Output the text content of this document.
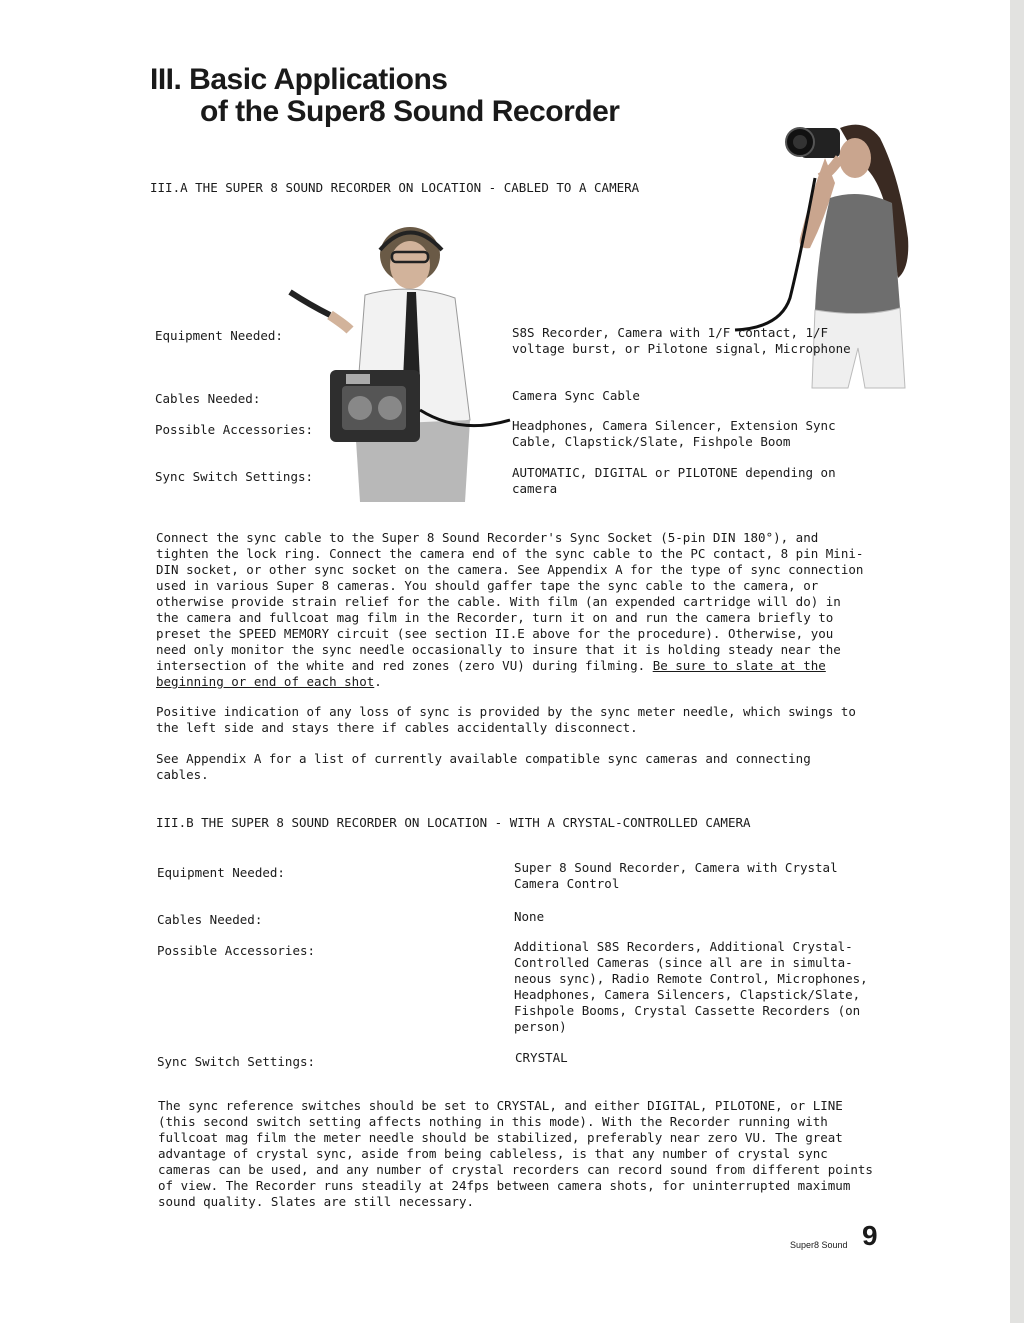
III. Basic Applications
of the Super8 Sound Recorder
III.A THE SUPER 8 SOUND RECORDER ON LOCATION - CABLED TO A CAMERA
Equipment Needed:	S8S Recorder, Camera with 1/F contact, 1/F voltage burst, or Pilotone signal, Microphone
Cables Needed:	Camera Sync Cable
Possible Accessories:	Headphones, Camera Silencer, Extension Sync Cable, Clapstick/Slate, Fishpole Boom
Sync Switch Settings:	AUTOMATIC, DIGITAL or PILOTONE depending on camera
Connect the sync cable to the Super 8 Sound Recorder's Sync Socket (5-pin DIN 180°), and tighten the lock ring. Connect the camera end of the sync cable to the PC contact, 8 pin Mini-DIN socket, or other sync socket on the camera. See Appendix A for the type of sync connection used in various Super 8 cameras. You should gaffer tape the sync cable to the camera, or otherwise provide strain relief for the cable. With film (an expended cartridge will do) in the camera and fullcoat mag film in the Recorder, turn it on and run the camera briefly to preset the SPEED MEMORY circuit (see section II.E above for the procedure). Otherwise, you need only monitor the sync needle occasionally to insure that it is holding steady near the intersection of the white and red zones (zero VU) during filming. Be sure to slate at the beginning or end of each shot.
Positive indication of any loss of sync is provided by the sync meter needle, which swings to the left side and stays there if cables accidentally disconnect.
See Appendix A for a list of currently available compatible sync cameras and connecting cables.
III.B THE SUPER 8 SOUND RECORDER ON LOCATION - WITH A CRYSTAL-CONTROLLED CAMERA
Equipment Needed:	Super 8 Sound Recorder, Camera with Crystal Camera Control
Cables Needed:	None
Possible Accessories:	Additional S8S Recorders, Additional Crystal-Controlled Cameras (since all are in simulta-neous sync), Radio Remote Control, Microphones, Headphones, Camera Silencers, Clapstick/Slate, Fishpole Booms, Crystal Cassette Recorders (on person)
Sync Switch Settings:	CRYSTAL
The sync reference switches should be set to CRYSTAL, and either DIGITAL, PILOTONE, or LINE (this second switch setting affects nothing in this mode). With the Recorder running with fullcoat mag film the meter needle should be stabilized, preferably near zero VU. The great advantage of crystal sync, aside from being cableless, is that any number of crystal sync cameras can be used, and any number of crystal recorders can record sound from different points of view. The Recorder runs steadily at 24fps between camera shots, for uninterrupted maximum sound quality. Slates are still necessary.
Super8 Sound 9
